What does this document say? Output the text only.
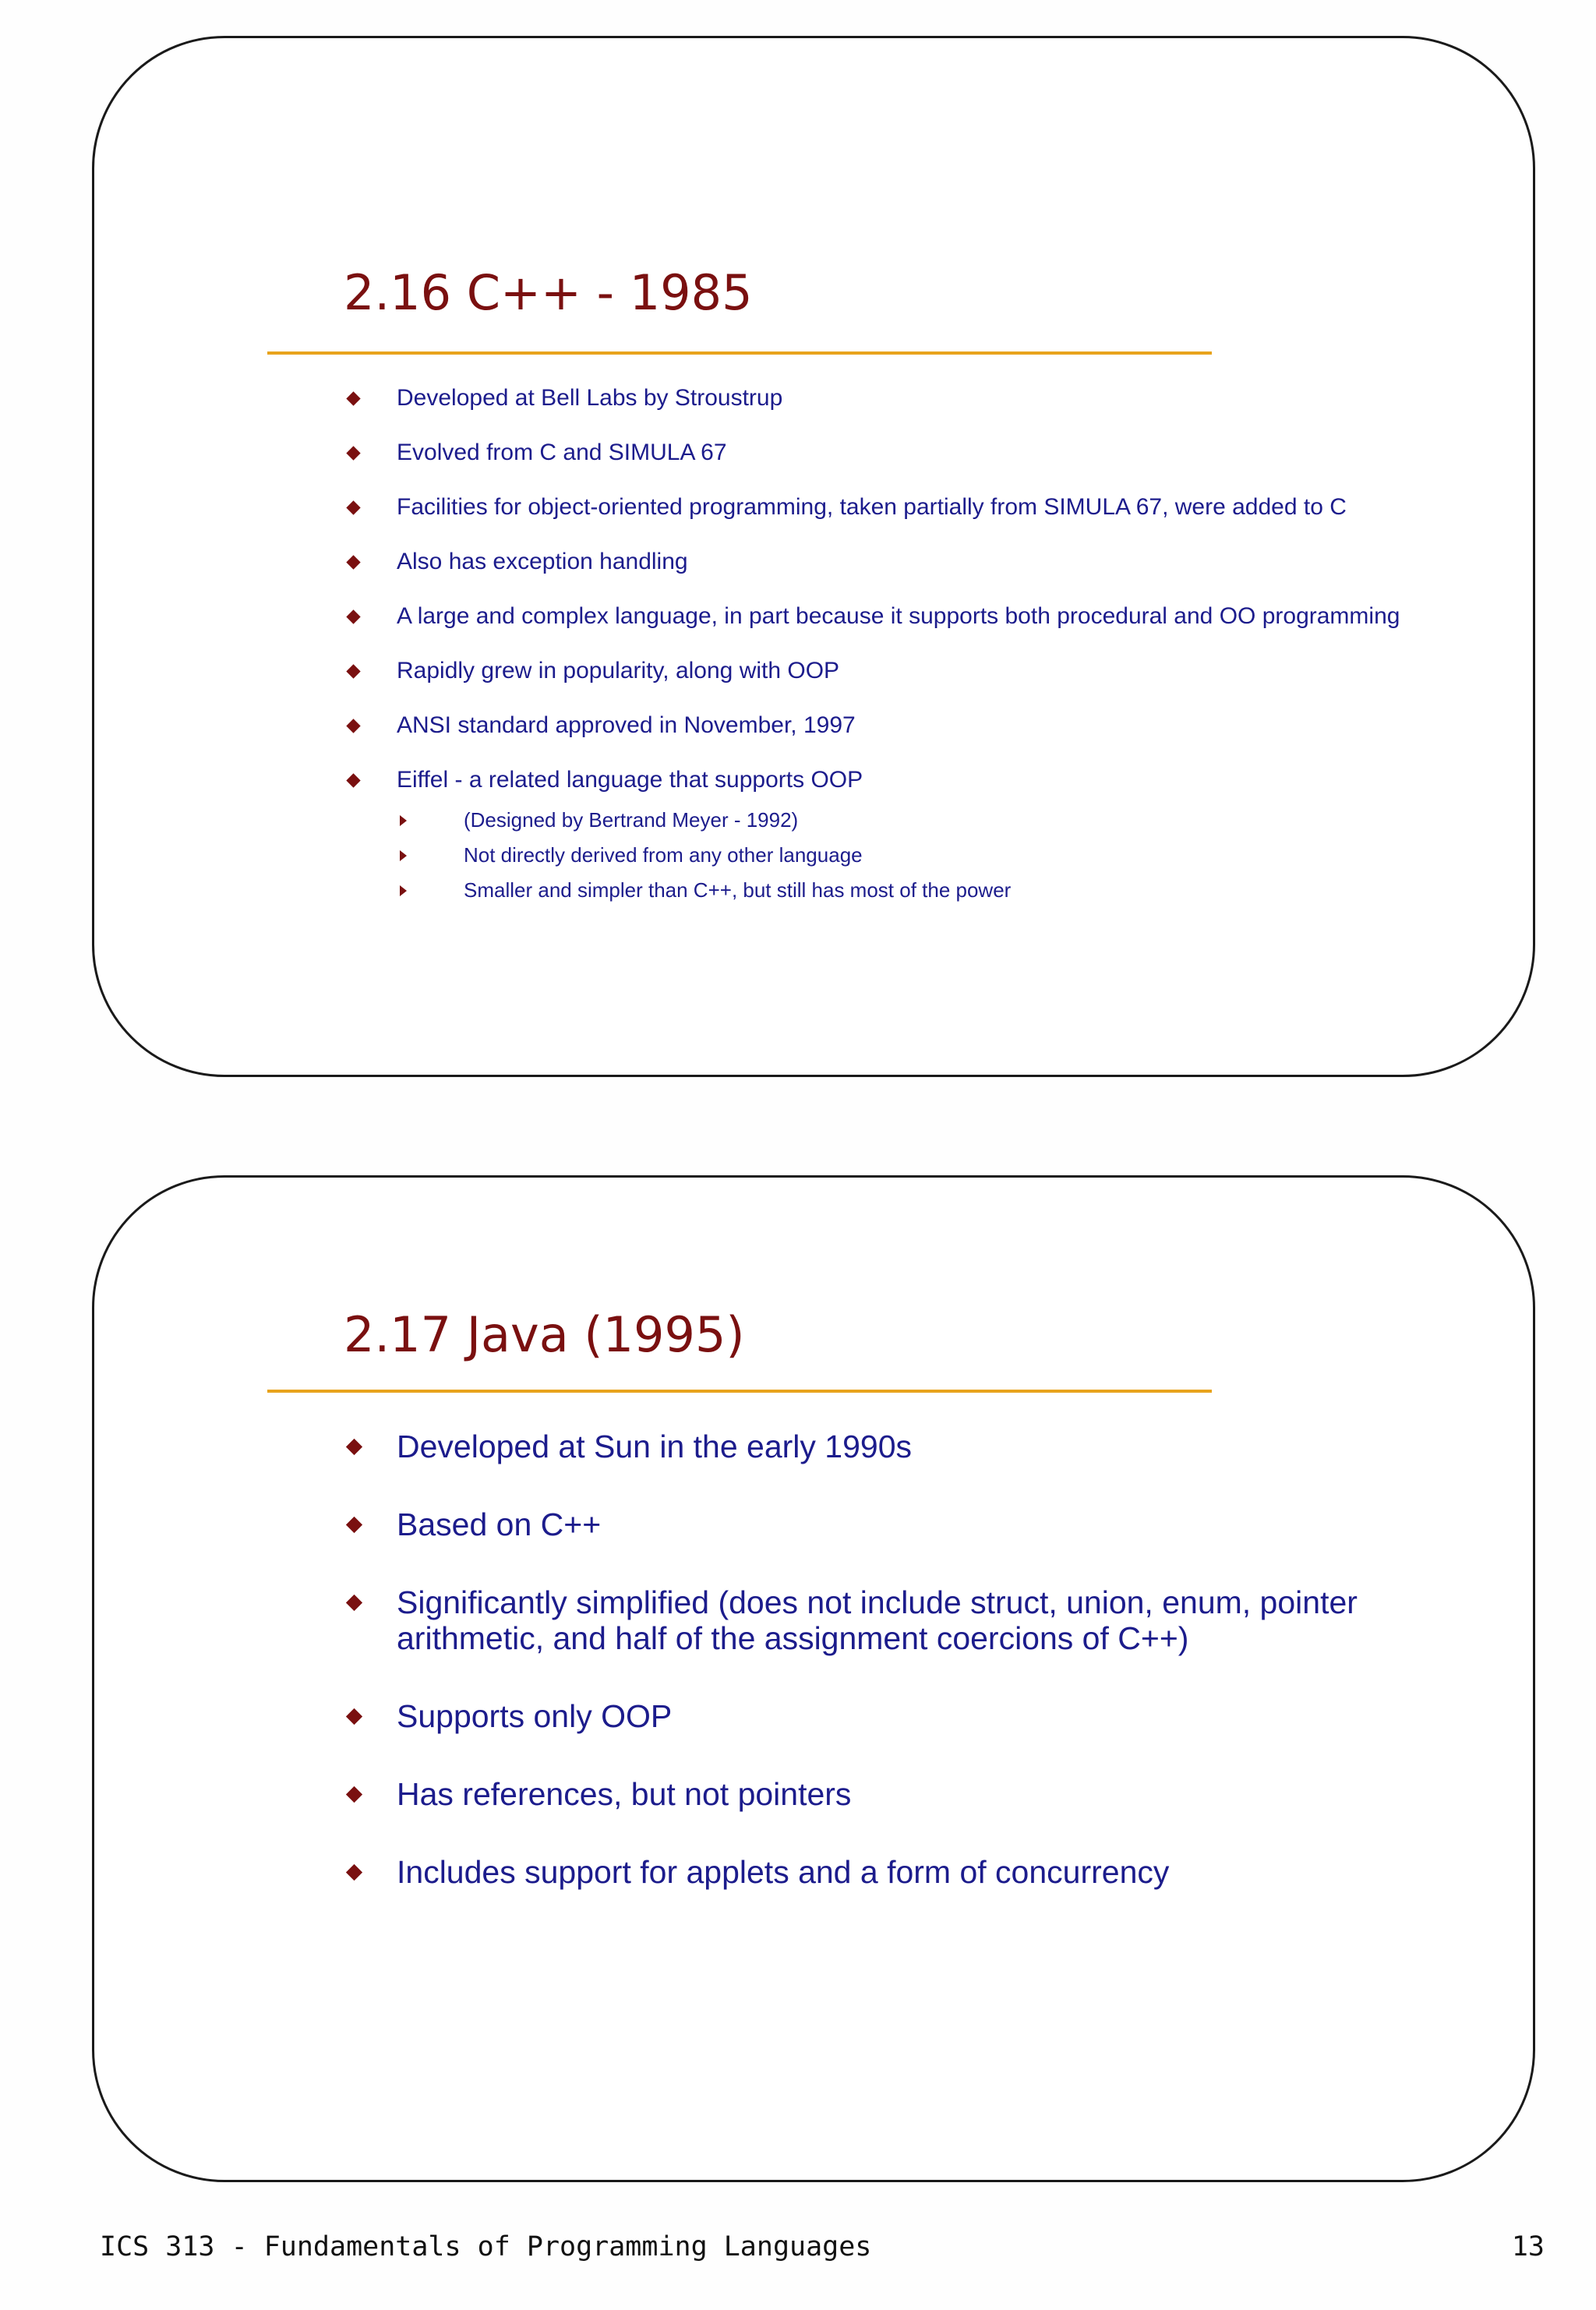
2.16 C++ - 1985
Developed at Bell Labs by Stroustrup
Evolved from C and SIMULA 67
Facilities for object-oriented programming, taken partially from SIMULA 67, were added to C
Also has exception handling
A large and complex language, in part because it supports both procedural and OO programming
Rapidly grew in popularity, along with OOP
ANSI standard approved in November, 1997
Eiffel - a related language that supports OOP
(Designed by Bertrand Meyer - 1992)
Not directly derived from any other language
Smaller and simpler than C++, but still has most of the power
2.17 Java (1995)
Developed at Sun in the early 1990s
Based on C++
Significantly simplified (does not include struct, union, enum, pointer arithmetic, and half of the assignment coercions of C++)
Supports only OOP
Has references, but not pointers
Includes support for applets and a form of concurrency
ICS 313 - Fundamentals of Programming Languages	13
